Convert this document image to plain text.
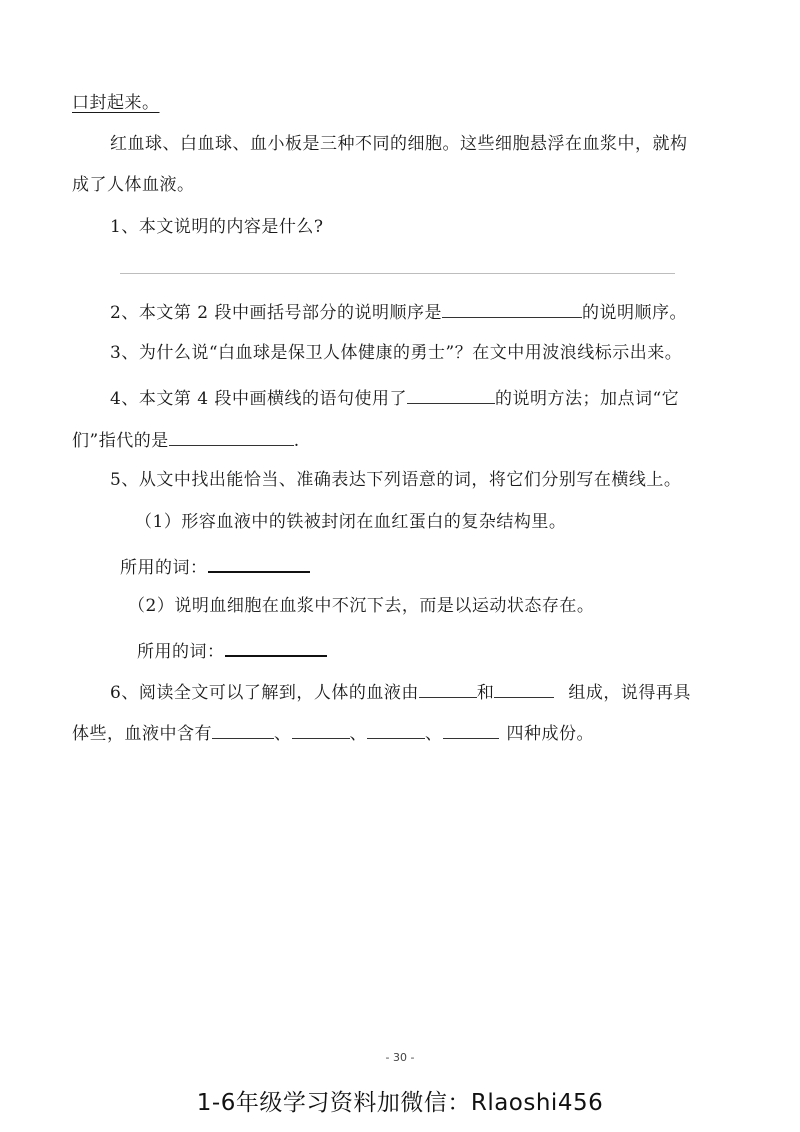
口封起来。
红血球、白血球、血小板是三种不同的细胞。这些细胞悬浮在血浆中，就构
成了人体血液。
1、本文说明的内容是什么?
2、本文第 2 段中画括号部分的说明顺序是	的说明顺序。
3、为什么说“白血球是保卫人体健康的勇士”？在文中用波浪线标示出来。
4、本文第 4 段中画横线的语句使用了	的说明方法；加点词“它
们”指代的是	.
5、从文中找出能恰当、准确表达下列语意的词，将它们分别写在横线上。
（1）形容血液中的铁被封闭在血红蛋白的复杂结构里。
所用的词：
（2）说明血细胞在血浆中不沉下去，而是以运动状态存在。
所用的词：
6、阅读全文可以了解到，人体的血液由	和	组成，说得再具
体些，血液中含有	、	、	、	四种成份。
- 30 -
1-6年级学习资料加微信：Rlaoshi456
